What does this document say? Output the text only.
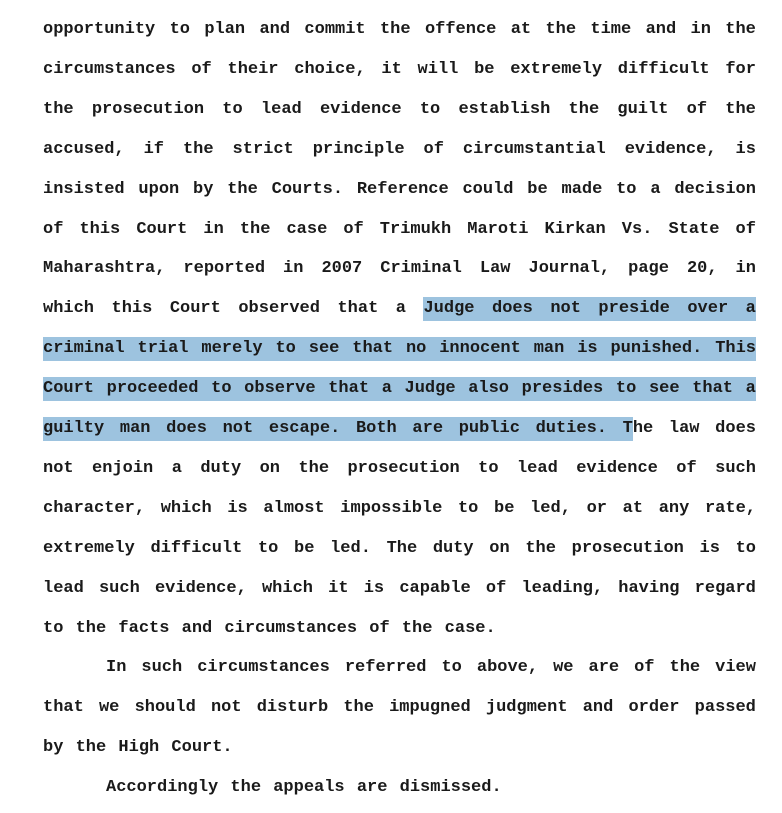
opportunity to plan and commit the offence at the time and in the
circumstances of their choice, it will be extremely difficult for
the prosecution to lead evidence to establish the guilt of the
accused, if the strict principle of circumstantial evidence, is
insisted upon by the Courts. Reference could be made to a decision
of this Court in the case of Trimukh Maroti Kirkan Vs. State of
Maharashtra, reported in 2007 Criminal Law Journal, page 20, in
which this Court observed that a Judge does not preside over a
criminal trial merely to see that no innocent man is punished. This
Court proceeded to observe that a Judge also presides to see that a
guilty man does not escape. Both are public duties. The law does
not enjoin a duty on the prosecution to lead evidence of such
character, which is almost impossible to be led, or at any rate,
extremely difficult to be led. The duty on the prosecution is to
lead such evidence, which it is capable of leading, having regard
to the facts and circumstances of the case.
In such circumstances referred to above, we are of the view
that we should not disturb the impugned judgment and order passed
by the High Court.
Accordingly the appeals are dismissed.
